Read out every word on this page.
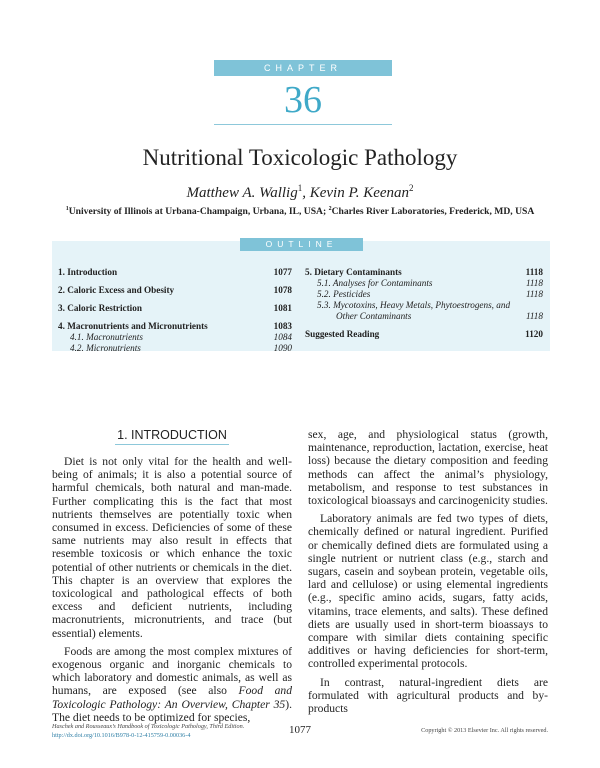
CHAPTER
36
Nutritional Toxicologic Pathology
Matthew A. Wallig$^1$, Kevin P. Keenan$^2$
$^1$University of Illinois at Urbana-Champaign, Urbana, IL, USA; $^2$Charles River Laboratories, Frederick, MD, USA
1. Introduction	1077
2. Caloric Excess and Obesity	1078
3. Caloric Restriction	1081
4. Macronutrients and Micronutrients	1083
4.1. Macronutrients	1084
4.2. Micronutrients	1090
5. Dietary Contaminants	1118
5.1. Analyses for Contaminants	1118
5.2. Pesticides	1118
5.3. Mycotoxins, Heavy Metals, Phytoestrogens, and
Other Contaminants	1118
Suggested Reading	1120
OUTLINE
1. INTRODUCTION

Diet is not only vital for the health and well-being of animals; it is also a potential source of harmful chemicals, both natural and man-made. Further complicating this is the fact that most nutrients themselves are potentially toxic when consumed in excess. Deficiencies of some of these same nutrients may also result in effects that resemble toxicosis or which enhance the toxic potential of other nutrients or chemicals in the diet. This chapter is an overview that explores the toxicological and pathological effects of both excess and deficient nutrients, including macronutrients, micronutrients, and trace (but essential) elements.

Foods are among the most complex mixtures of exogenous organic and inorganic chemicals to which laboratory and domestic animals, as well as humans, are exposed (see also Food and Toxicologic Pathology: An Overview, Chapter 35). The diet needs to be optimized for species,

sex, age, and physiological status (growth, maintenance, reproduction, lactation, exercise, heat loss) because the dietary composition and feeding methods can affect the animal’s physiology, metabolism, and response to test substances in toxicological bioassays and carcinogenicity studies.

Laboratory animals are fed two types of diets, chemically defined or natural ingredient. Purified or chemically defined diets are formulated using a single nutrient or nutrient class (e.g., starch and sugars, casein and soybean protein, vegetable oils, lard and cellulose) or using elemental ingredients (e.g., specific amino acids, sugars, fatty acids, vitamins, trace elements, and salts). These defined diets are usually used in short-term bioassays to compare with similar diets containing specific additives or having deficiencies for short-term, controlled experimental protocols.

In contrast, natural-ingredient diets are formulated with agricultural products and by-products

Haschek and Rousseaux’s Handbook of Toxicologic Pathology, Third Edition.
http://dx.doi.org/10.1016/B978-0-12-415759-0.00036-4	1077	Copyright © 2013 Elsevier Inc. All rights reserved.
